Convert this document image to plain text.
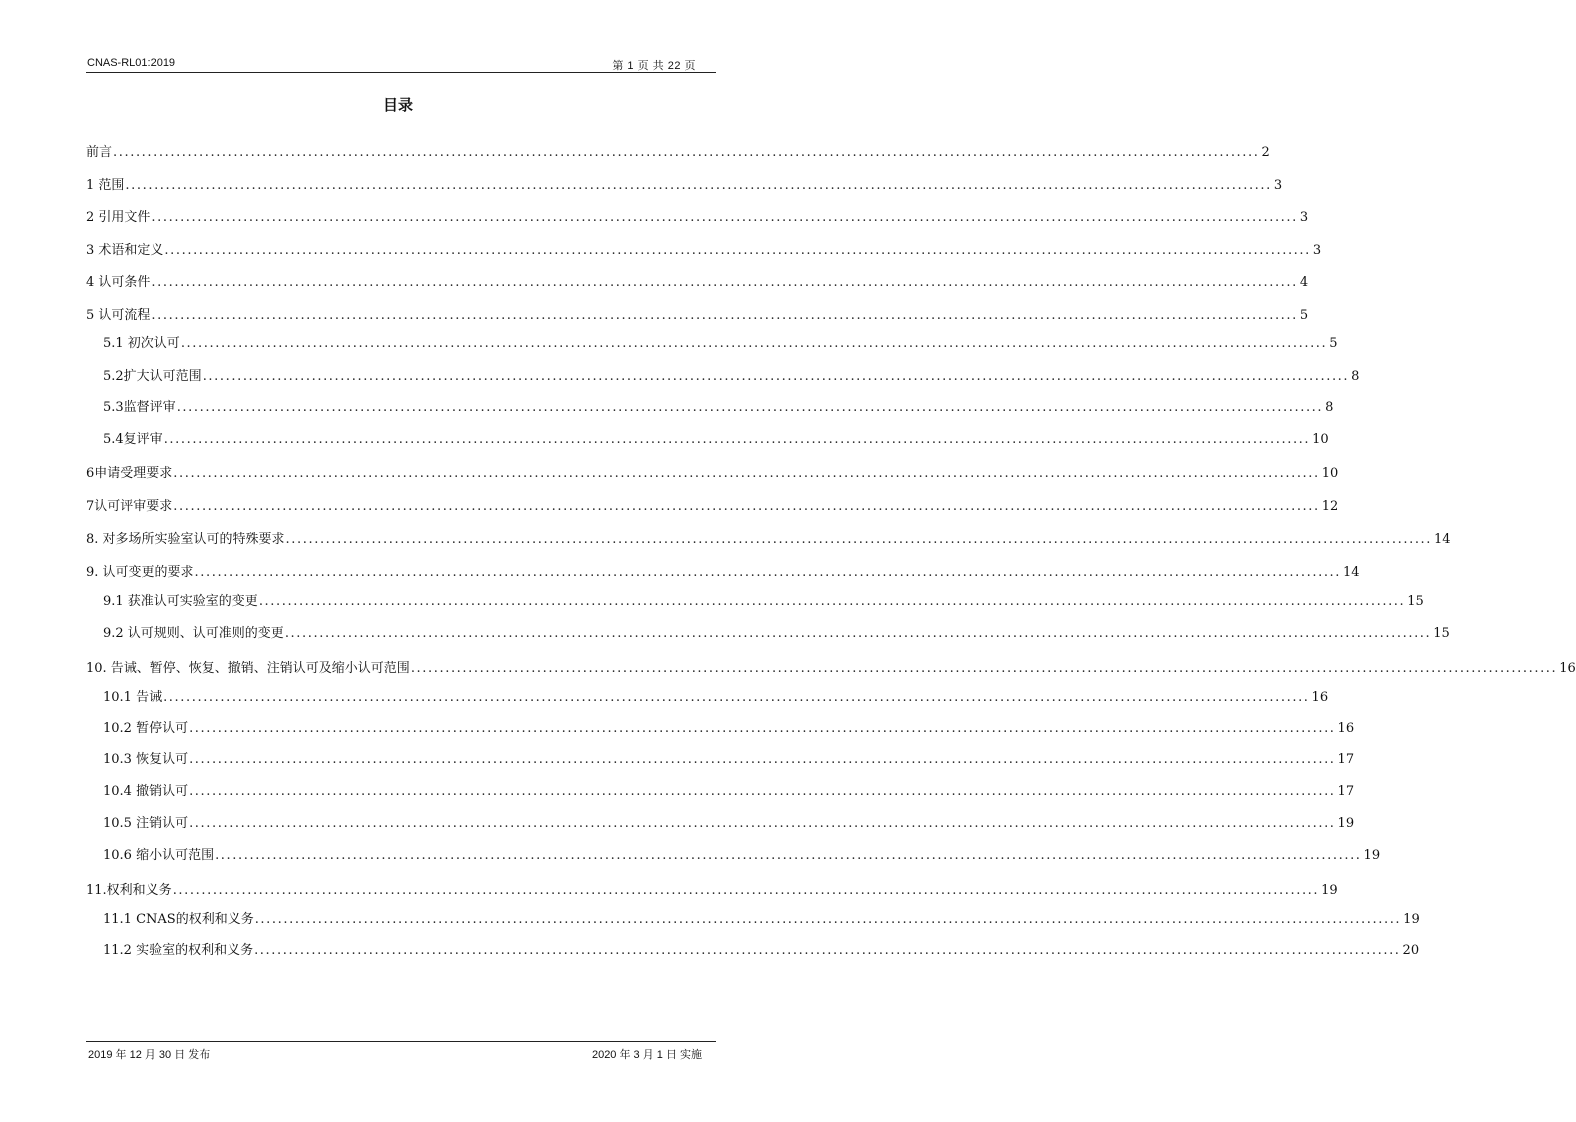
CNAS-RL01:2019	第 1 页 共 22 页
目录
前言 ........................................................................................................................................................................................................ 2
1 范围 ........................................................................................................................................................................................................ 3
2 引用文件 ........................................................................................................................................................................................................ 3
3 术语和定义 ........................................................................................................................................................................................................ 3
4 认可条件 ........................................................................................................................................................................................................ 4
5 认可流程 ........................................................................................................................................................................................................ 5
5.1 初次认可 ........................................................................................................................................................................................................ 5
5.2扩大认可范围 ........................................................................................................................................................................................................ 8
5.3监督评审 ........................................................................................................................................................................................................ 8
5.4复评审 ........................................................................................................................................................................................................ 10
6申请受理要求 ........................................................................................................................................................................................................ 10
7认可评审要求 ........................................................................................................................................................................................................ 12
8. 对多场所实验室认可的特殊要求 ........................................................................................................................................................................................................ 14
9. 认可变更的要求 ........................................................................................................................................................................................................ 14
9.1 获准认可实验室的变更 ........................................................................................................................................................................................................ 15
9.2 认可规则、认可准则的变更 ........................................................................................................................................................................................................ 15
10. 告诫、暂停、恢复、撤销、注销认可及缩小认可范围 ........................................................................................................................................................................................................ 16
10.1 告诫 ........................................................................................................................................................................................................ 16
10.2 暂停认可 ........................................................................................................................................................................................................ 16
10.3 恢复认可 ........................................................................................................................................................................................................ 17
10.4 撤销认可 ........................................................................................................................................................................................................ 17
10.5 注销认可 ........................................................................................................................................................................................................ 19
10.6 缩小认可范围 ........................................................................................................................................................................................................ 19
11.权利和义务 ........................................................................................................................................................................................................ 19
11.1 CNAS的权利和义务 ........................................................................................................................................................................................................ 19
11.2 实验室的权利和义务 ........................................................................................................................................................................................................ 20
2019 年 12 月 30 日 发布	2020 年 3 月 1 日 实施
